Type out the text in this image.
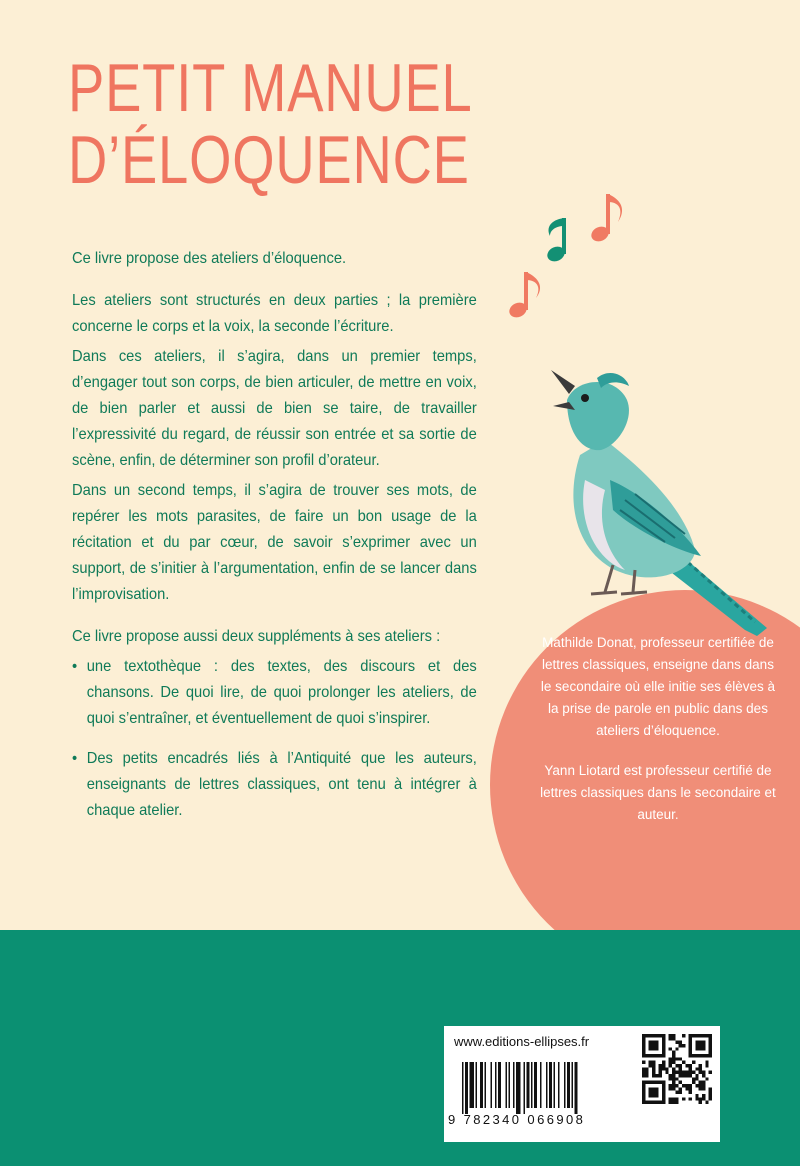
PETIT MANUEL
D’ÉLOQUENCE

Ce livre propose des ateliers d’éloquence.

Les ateliers sont structurés en deux parties ; la première concerne le corps et la voix, la seconde l’écriture.

Dans ces ateliers, il s’agira, dans un premier temps, d’engager tout son corps, de bien articuler, de mettre en voix, de bien parler et aussi de bien se taire, de travailler l’expressivité du regard, de réussir son entrée et sa sortie de scène, enfin, de déterminer son profil d’orateur.

Dans un second temps, il s’agira de trouver ses mots, de repérer les mots parasites, de faire un bon usage de la récitation et du par cœur, de savoir s’exprimer avec un support, de s’initier à l’argumentation, enfin de se lancer dans l’improvisation.

Ce livre propose aussi deux suppléments à ses ateliers :

• une textothèque : des textes, des discours et des chansons. De quoi lire, de quoi prolonger les ateliers, de quoi s’entraîner, et éventuellement de quoi s’inspirer.
• Des petits encadrés liés à l’Antiquité que les auteurs, enseignants de lettres classiques, ont tenu à intégrer à chaque atelier.

Mathilde Donat, professeur certifiée de lettres classiques, enseigne dans dans le secondaire où elle initie ses élèves à la prise de parole en public dans des ateliers d’éloquence.

Yann Liotard est professeur certifié de lettres classiques dans le secondaire et auteur.

www.editions-ellipses.fr
9 782340 066908
